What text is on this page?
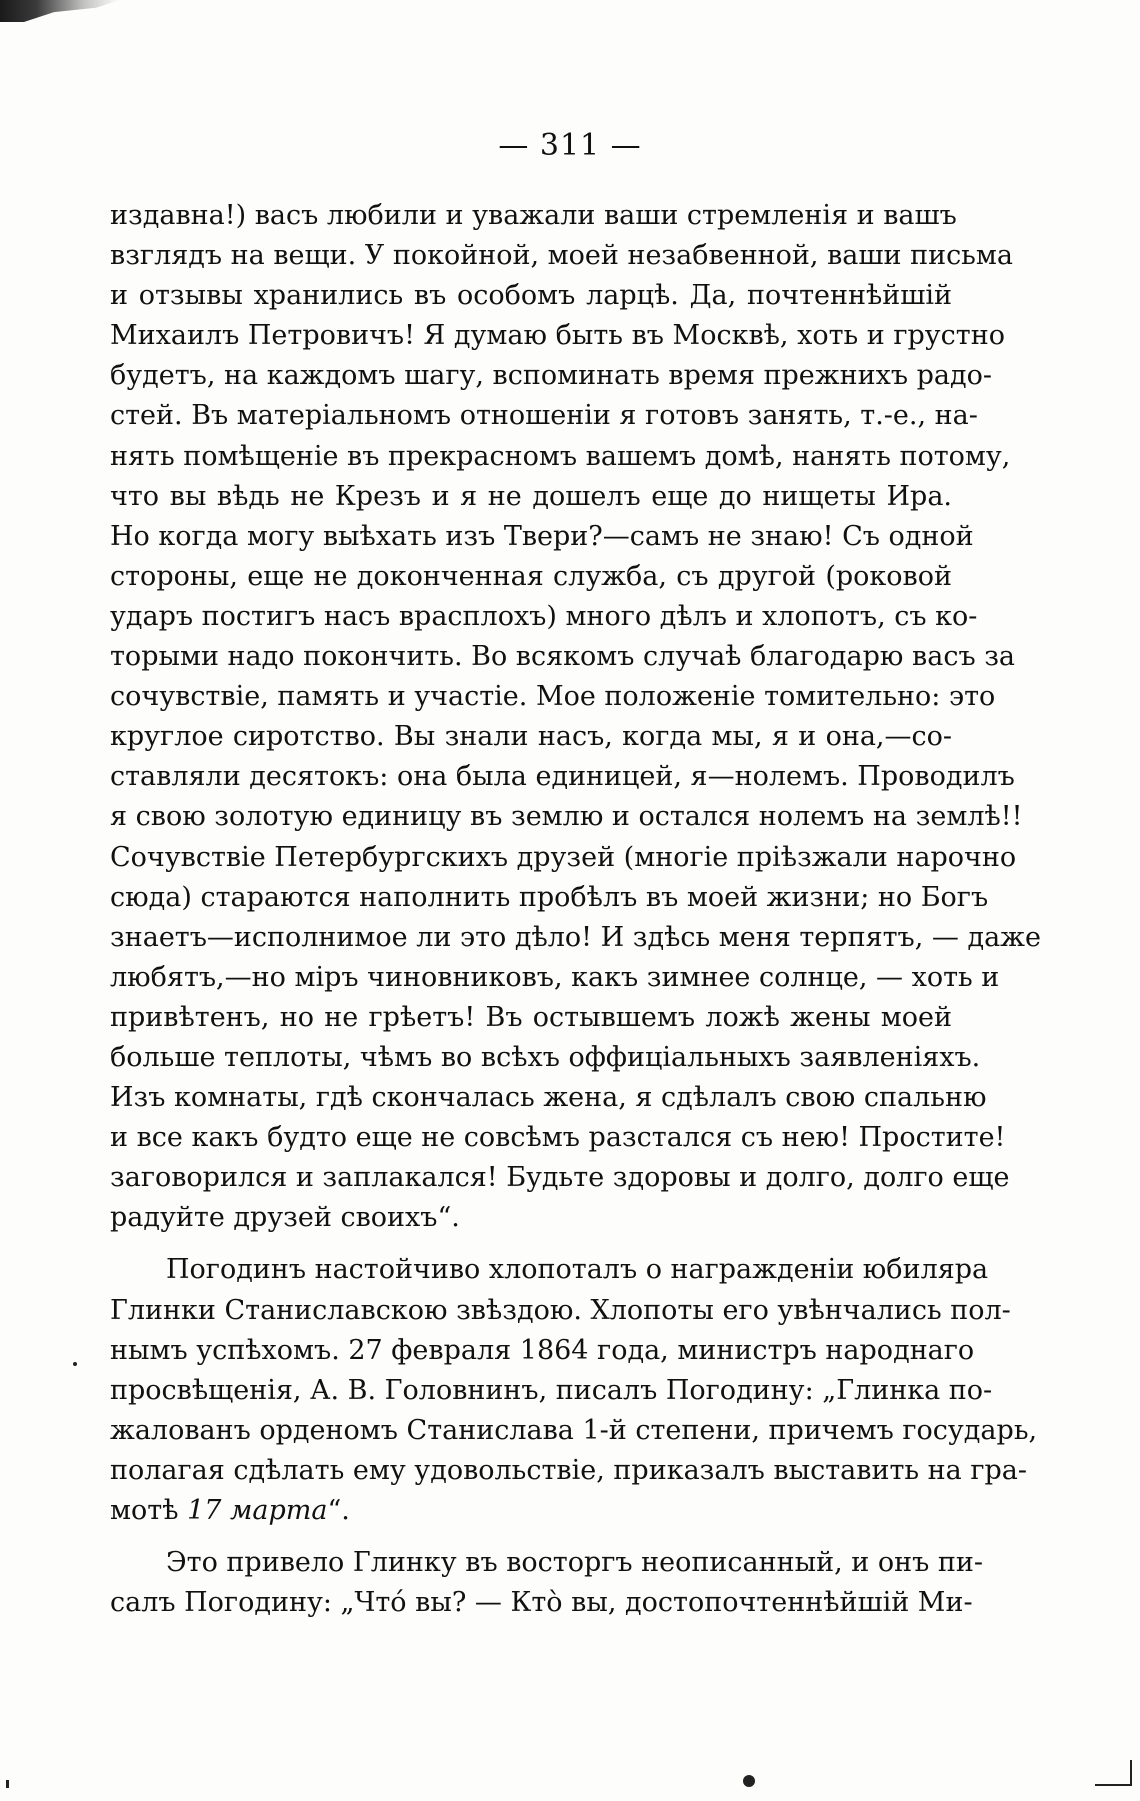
— 311 —
издавна!) васъ любили и уважали ваши стремленія и вашъ
взглядъ на вещи. У покойной, моей незабвенной, ваши письма
и отзывы хранились въ особомъ ларцѣ. Да, почтеннѣйшій
Михаилъ Петровичъ! Я думаю быть въ Москвѣ, хоть и грустно
будетъ, на каждомъ шагу, вспоминать время прежнихъ радо-
стей. Въ матеріальномъ отношеніи я готовъ занять, т.-е., на-
нять помѣщеніе въ прекрасномъ вашемъ домѣ, нанять потому,
что вы вѣдь не Крезъ и я не дошелъ еще до нищеты Ира.
Но когда могу выѣхать изъ Твери?—самъ не знаю! Съ одной
стороны, еще не доконченная служба, съ другой (роковой
ударъ постигъ насъ врасплохъ) много дѣлъ и хлопотъ, съ ко-
торыми надо покончить. Во всякомъ случаѣ благодарю васъ за
сочувствіе, память и участіе. Мое положеніе томительно: это
круглое сиротство. Вы знали насъ, когда мы, я и она,—со-
ставляли десятокъ: она была единицей, я—нолемъ. Проводилъ
я свою золотую единицу въ землю и остался нолемъ на землѣ!!
Сочувствіе Петербургскихъ друзей (многіе пріѣзжали нарочно
сюда) стараются наполнить пробѣлъ въ моей жизни; но Богъ
знаетъ—исполнимое ли это дѣло! И здѣсь меня терпятъ, — даже
любятъ,—но міръ чиновниковъ, какъ зимнее солнце, — хоть и
привѣтенъ, но не грѣетъ! Въ остывшемъ ложѣ жены моей
больше теплоты, чѣмъ во всѣхъ оффиціальныхъ заявленіяхъ.
Изъ комнаты, гдѣ скончалась жена, я сдѣлалъ свою спальню
и все какъ будто еще не совсѣмъ разстался съ нею! Простите!
заговорился и заплакался! Будьте здоровы и долго, долго еще
радуйте друзей своихъ“.
Погодинъ настойчиво хлопоталъ о награжденіи юбиляра
Глинки Станиславскою звѣздою. Хлопоты его увѣнчались пол-
нымъ успѣхомъ. 27 февраля 1864 года, министръ народнаго
просвѣщенія, А. В. Головнинъ, писалъ Погодину: „Глинка по-
жалованъ орденомъ Станислава 1-й степени, причемъ государь,
полагая сдѣлать ему удовольствіе, приказалъ выставить на гра-
мотѣ 17 марта“.
Это привело Глинку въ восторгъ неописанный, и онъ пи-
салъ Погодину: „Чтó вы? — Ктò вы, достопочтеннѣйшій Ми-
